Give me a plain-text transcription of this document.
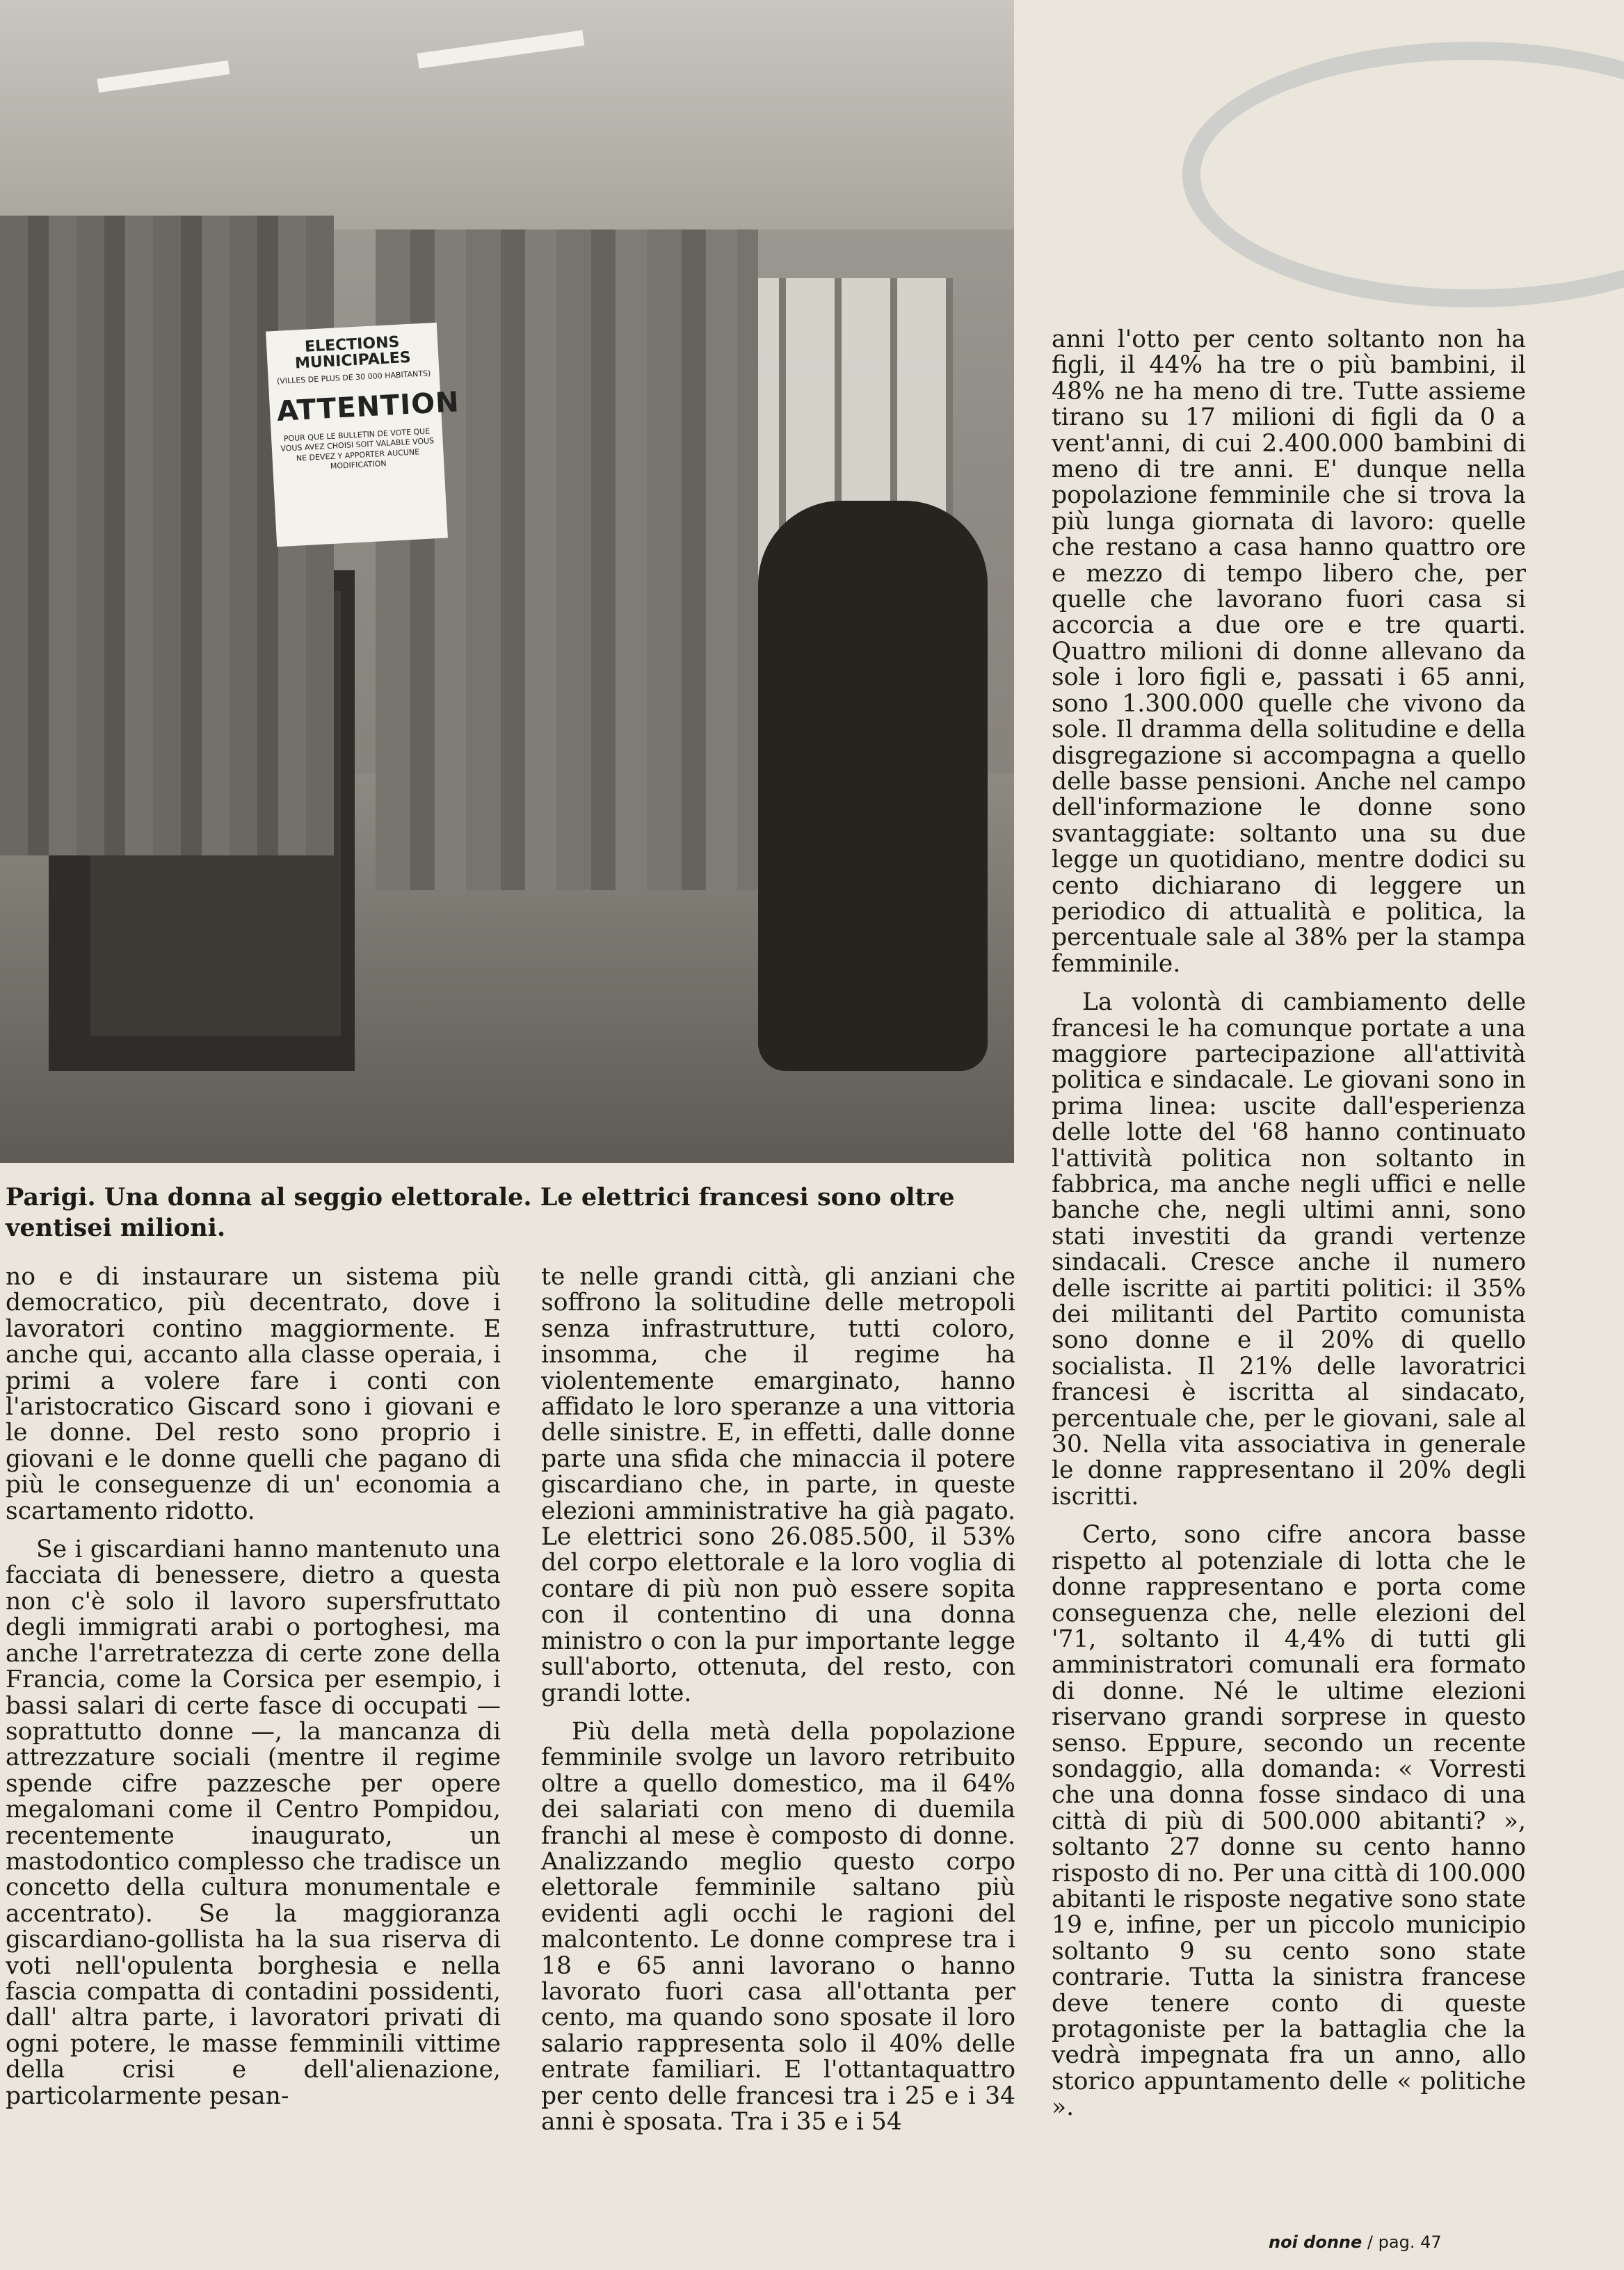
ELECTIONS MUNICIPALES
(VILLES DE PLUS DE 30 000 HABITANTS)
ATTENTION
POUR QUE LE BULLETIN DE VOTE QUE VOUS AVEZ CHOISI SOIT VALABLE VOUS NE DEVEZ Y APPORTER AUCUNE MODIFICATION
Parigi. Una donna al seggio elettorale. Le elettrici francesi sono oltre ventisei milioni.

no e di instaurare un sistema più democratico, più decentrato, dove i lavoratori contino maggiormente. E anche qui, accanto alla classe operaia, i primi a volere fare i conti con l'aristocratico Giscard sono i giovani e le donne. Del resto sono proprio i giovani e le donne quelli che pagano di più le conseguenze di un' economia a scartamento ridotto.

Se i giscardiani hanno mantenuto una facciata di benessere, dietro a questa non c'è solo il lavoro supersfruttato degli immigrati arabi o portoghesi, ma anche l'arretratezza di certe zone della Francia, come la Corsica per esempio, i bassi salari di certe fasce di occupati — soprattutto donne —, la mancanza di attrezzature sociali (mentre il regime spende cifre pazzesche per opere megalomani come il Centro Pompidou, recentemente inaugurato, un mastodontico complesso che tradisce un concetto della cultura monumentale e accentrato). Se la maggioranza giscardiano-gollista ha la sua riserva di voti nell'opulenta borghesia e nella fascia compatta di contadini possidenti, dall' altra parte, i lavoratori privati di ogni potere, le masse femminili vittime della crisi e dell'alienazione, particolarmente pesan-

te nelle grandi città, gli anziani che soffrono la solitudine delle metropoli senza infrastrutture, tutti coloro, insomma, che il regime ha violentemente emarginato, hanno affidato le loro speranze a una vittoria delle sinistre. E, in effetti, dalle donne parte una sfida che minaccia il potere giscardiano che, in parte, in queste elezioni amministrative ha già pagato. Le elettrici sono 26.085.500, il 53% del corpo elettorale e la loro voglia di contare di più non può essere sopita con il contentino di una donna ministro o con la pur importante legge sull'aborto, ottenuta, del resto, con grandi lotte.

Più della metà della popolazione femminile svolge un lavoro retribuito oltre a quello domestico, ma il 64% dei salariati con meno di duemila franchi al mese è composto di donne. Analizzando meglio questo corpo elettorale femminile saltano più evidenti agli occhi le ragioni del malcontento. Le donne comprese tra i 18 e 65 anni lavorano o hanno lavorato fuori casa all'ottanta per cento, ma quando sono sposate il loro salario rappresenta solo il 40% delle entrate familiari. E l'ottantaquattro per cento delle francesi tra i 25 e i 34 anni è sposata. Tra i 35 e i 54

anni l'otto per cento soltanto non ha figli, il 44% ha tre o più bambini, il 48% ne ha meno di tre. Tutte assieme tirano su 17 milioni di figli da 0 a vent'anni, di cui 2.400.000 bambini di meno di tre anni. E' dunque nella popolazione femminile che si trova la più lunga giornata di lavoro: quelle che restano a casa hanno quattro ore e mezzo di tempo libero che, per quelle che lavorano fuori casa si accorcia a due ore e tre quarti. Quattro milioni di donne allevano da sole i loro figli e, passati i 65 anni, sono 1.300.000 quelle che vivono da sole. Il dramma della solitudine e della disgregazione si accompagna a quello delle basse pensioni. Anche nel campo dell'informazione le donne sono svantaggiate: soltanto una su due legge un quotidiano, mentre dodici su cento dichiarano di leggere un periodico di attualità e politica, la percentuale sale al 38% per la stampa femminile.

La volontà di cambiamento delle francesi le ha comunque portate a una maggiore partecipazione all'attività politica e sindacale. Le giovani sono in prima linea: uscite dall'esperienza delle lotte del '68 hanno continuato l'attività politica non soltanto in fabbrica, ma anche negli uffici e nelle banche che, negli ultimi anni, sono stati investiti da grandi vertenze sindacali. Cresce anche il numero delle iscritte ai partiti politici: il 35% dei militanti del Partito comunista sono donne e il 20% di quello socialista. Il 21% delle lavoratrici francesi è iscritta al sindacato, percentuale che, per le giovani, sale al 30. Nella vita associativa in generale le donne rappresentano il 20% degli iscritti.

Certo, sono cifre ancora basse rispetto al potenziale di lotta che le donne rappresentano e porta come conseguenza che, nelle elezioni del '71, soltanto il 4,4% di tutti gli amministratori comunali era formato di donne. Né le ultime elezioni riservano grandi sorprese in questo senso. Eppure, secondo un recente sondaggio, alla domanda: « Vorresti che una donna fosse sindaco di una città di più di 500.000 abitanti? », soltanto 27 donne su cento hanno risposto di no. Per una città di 100.000 abitanti le risposte negative sono state 19 e, infine, per un piccolo municipio soltanto 9 su cento sono state contrarie. Tutta la sinistra francese deve tenere conto di queste protagoniste per la battaglia che la vedrà impegnata fra un anno, allo storico appuntamento delle « politiche ».

noi donne / pag. 47
